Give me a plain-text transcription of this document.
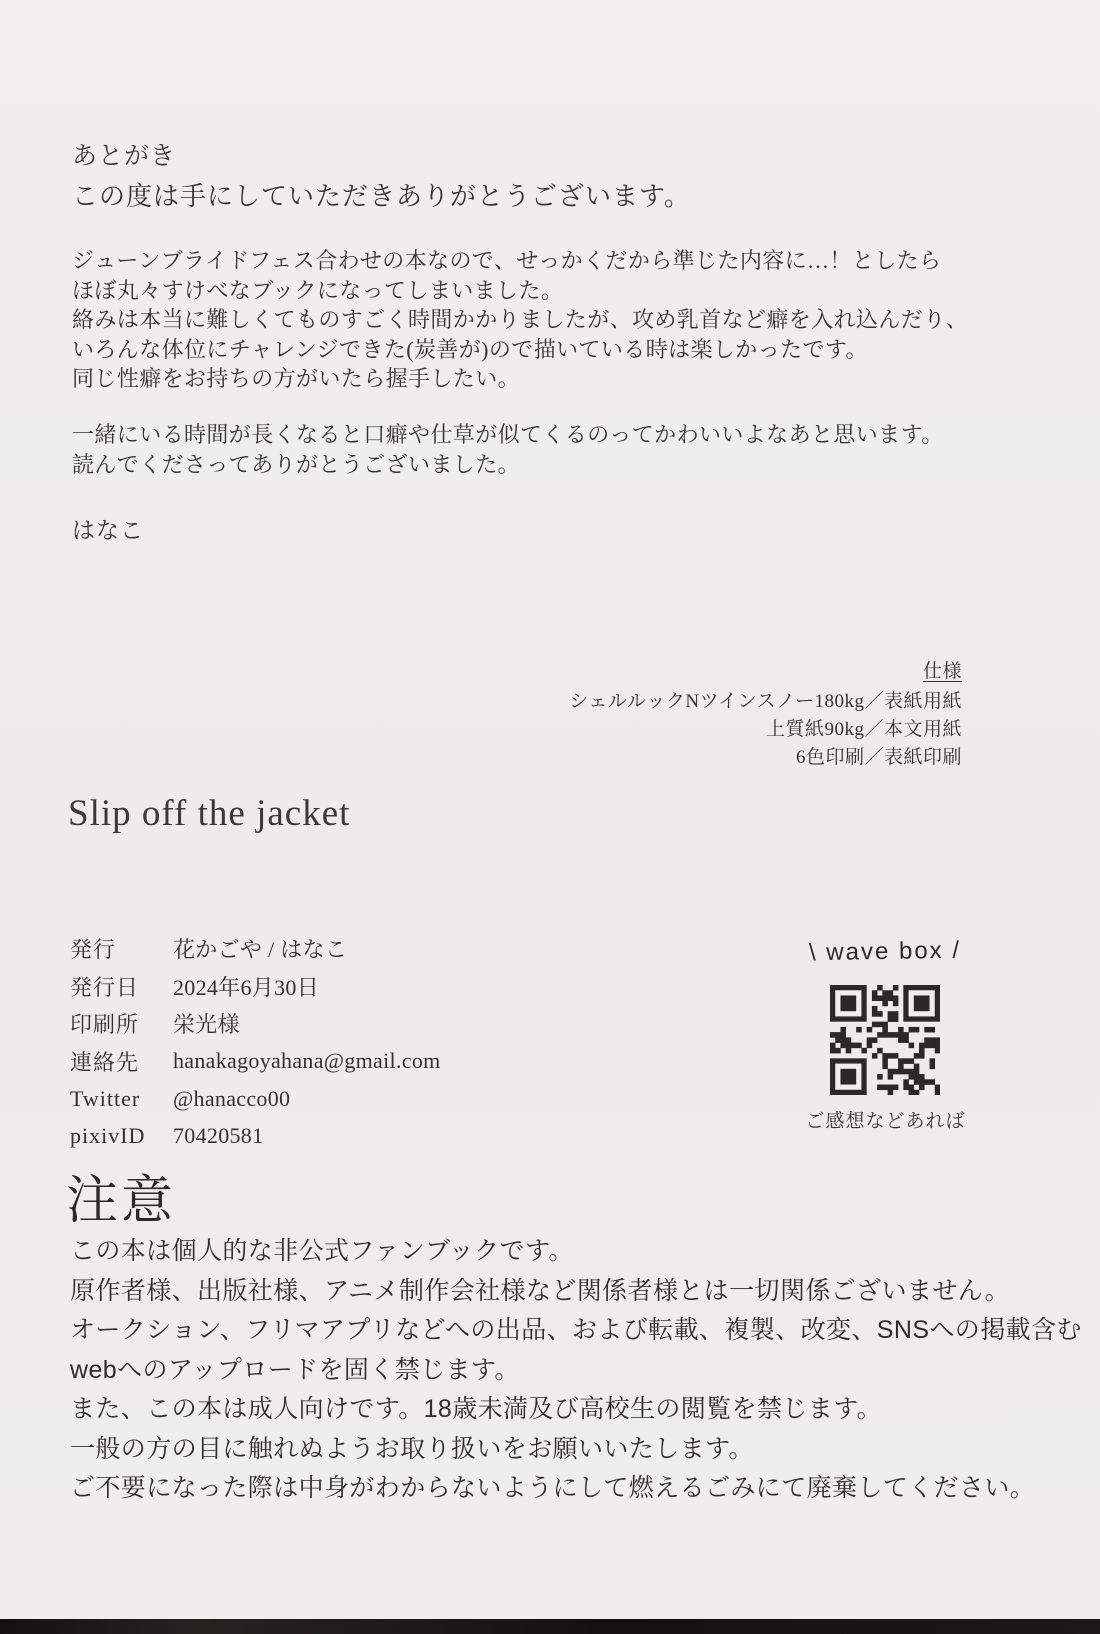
あとがき
この度は手にしていただきありがとうございます。
ジューンブライドフェス合わせの本なので、せっかくだから準じた内容に…！としたら
ほぼ丸々すけべなブックになってしまいました。
絡みは本当に難しくてものすごく時間かかりましたが、攻め乳首など癖を入れ込んだり、
いろんな体位にチャレンジできた(炭善が)ので描いている時は楽しかったです。
同じ性癖をお持ちの方がいたら握手したい。
一緒にいる時間が長くなると口癖や仕草が似てくるのってかわいいよなあと思います。
読んでくださってありがとうございました。
はなこ
仕様
シェルルックNツインスノー180kg／表紙用紙
上質紙90kg／本文用紙
6色印刷／表紙印刷
Slip off the jacket
発行	花かごや / はなこ
発行日	2024年6月30日
印刷所	栄光様
連絡先	hanakagoyahana@gmail.com
Twitter	@hanacco00
pixivID	70420581
\ wave box /
ご感想などあれば
注意
この本は個人的な非公式ファンブックです。
原作者様、出版社様、アニメ制作会社様など関係者様とは一切関係ございません。
オークション、フリマアプリなどへの出品、および転載、複製、改変、SNSへの掲載含む
webへのアップロードを固く禁じます。
また、この本は成人向けです。18歳未満及び高校生の閲覧を禁じます。
一般の方の目に触れぬようお取り扱いをお願いいたします。
ご不要になった際は中身がわからないようにして燃えるごみにて廃棄してください。
